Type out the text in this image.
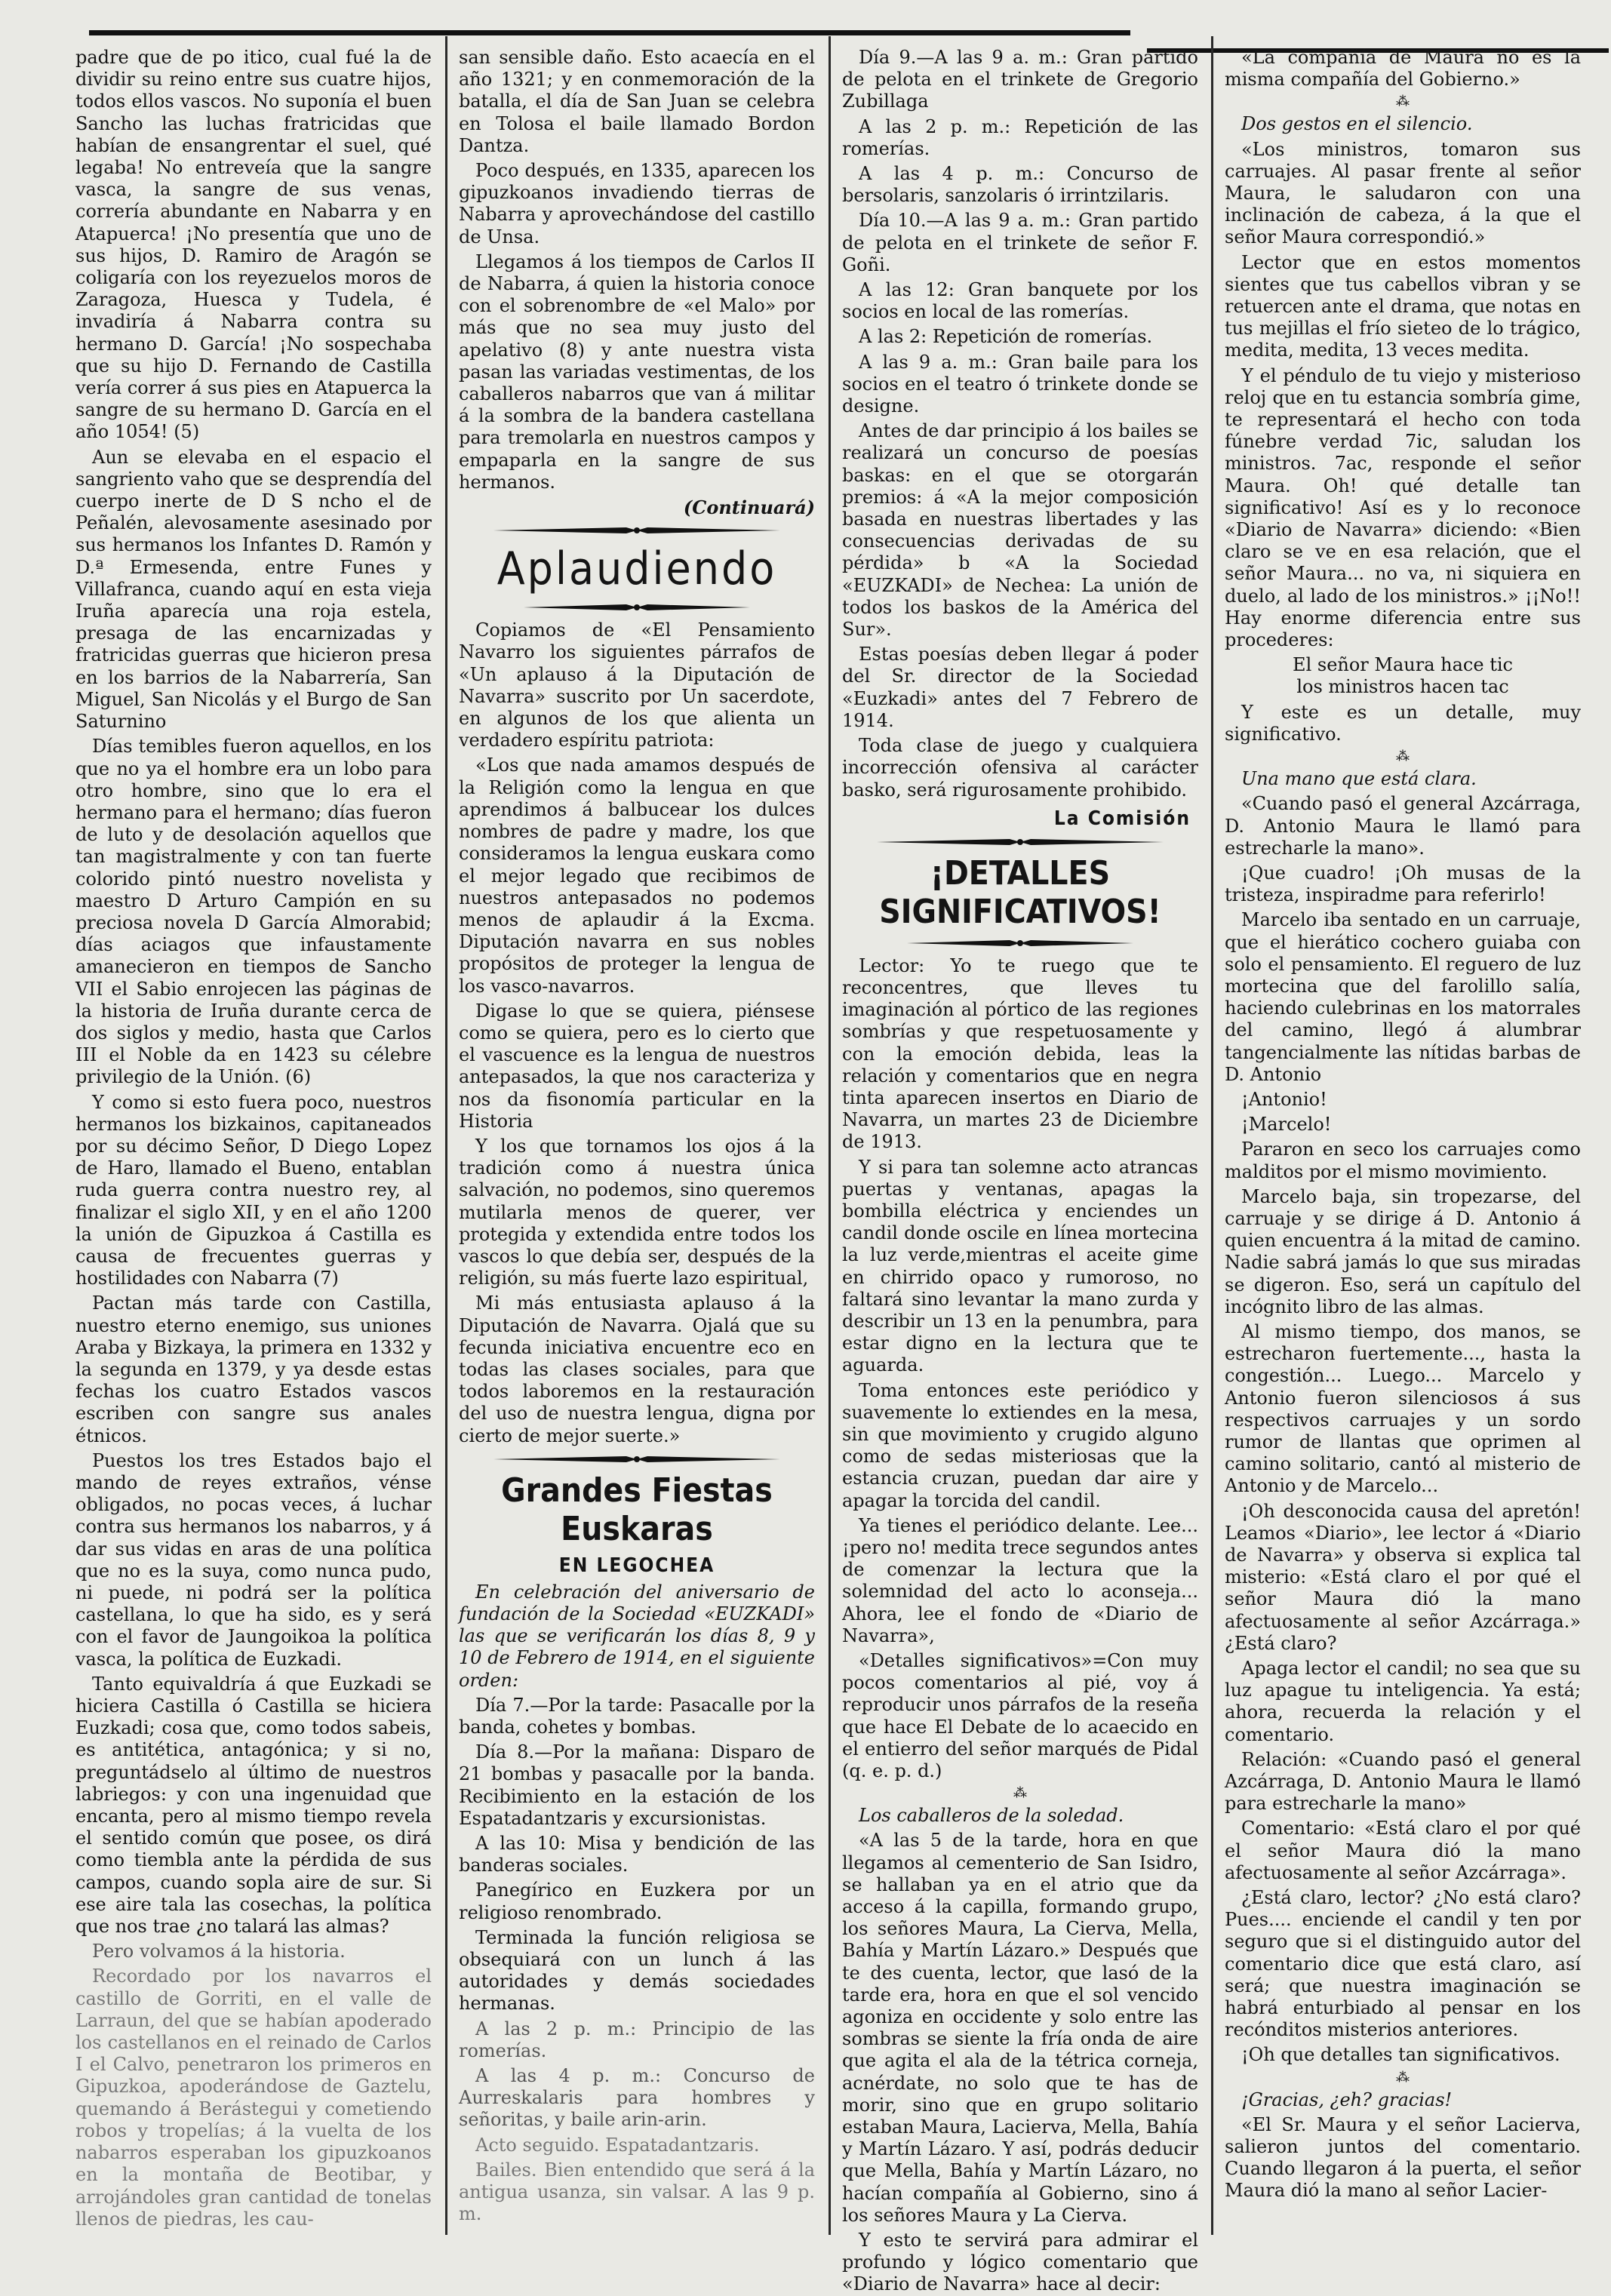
padre que de po itico, cual fué la de dividir su reino entre sus cuatre hijos, todos ellos vascos. No suponía el buen Sancho las luchas fratricidas que habían de ensangrentar el suel, qué legaba! No entreveía que la sangre vasca, la sangre de sus venas, correría abundante en Nabarra y en Atapuerca! ¡No presentía que uno de sus hijos, D. Ramiro de Aragón se coligaría con los reyezuelos moros de Zaragoza, Huesca y Tudela, é invadiría á Nabarra contra su hermano D. García! ¡No sospechaba que su hijo D. Fernando de Castilla vería correr á sus pies en Atapuerca la sangre de su hermano D. García en el año 1054! (5)

Aun se elevaba en el espacio el sangriento vaho que se desprendía del cuerpo inerte de D S ncho el de Peñalén, alevosamente asesinado por sus hermanos los Infantes D. Ramón y D.ª Ermesenda, entre Funes y Villafranca, cuando aquí en esta vieja Iruña aparecía una roja estela, presaga de las encarnizadas y fratricidas guerras que hicieron presa en los barrios de la Nabarrería, San Miguel, San Nicolás y el Burgo de San Saturnino

Días temibles fueron aquellos, en los que no ya el hombre era un lobo para otro hombre, sino que lo era el hermano para el hermano; días fueron de luto y de desolación aquellos que tan magistralmente y con tan fuerte colorido pintó nuestro novelista y maestro D Arturo Campión en su preciosa novela D García Almorabid; días aciagos que infaustamente amanecieron en tiempos de Sancho VII el Sabio enrojecen las páginas de la historia de Iruña durante cerca de dos siglos y medio, hasta que Carlos III el Noble da en 1423 su célebre privilegio de la Unión. (6)

Y como si esto fuera poco, nuestros hermanos los bizkainos, capitaneados por su décimo Señor, D Diego Lopez de Haro, llamado el Bueno, entablan ruda guerra contra nuestro rey, al finalizar el siglo XII, y en el año 1200 la unión de Gipuzkoa á Castilla es causa de frecuentes guerras y hostilidades con Nabarra (7)

Pactan más tarde con Castilla, nuestro eterno enemigo, sus uniones Araba y Bizkaya, la primera en 1332 y la segunda en 1379, y ya desde estas fechas los cuatro Estados vascos escriben con sangre sus anales étnicos.

Puestos los tres Estados bajo el mando de reyes extraños, vénse obligados, no pocas veces, á luchar contra sus hermanos los nabarros, y á dar sus vidas en aras de una política que no es la suya, como nunca pudo, ni puede, ni podrá ser la política castellana, lo que ha sido, es y será con el favor de Jaungoikoa la política vasca, la política de Euzkadi.

Tanto equivaldría á que Euzkadi se hiciera Castilla ó Castilla se hiciera Euzkadi; cosa que, como todos sabeis, es antitética, antagónica; y si no, preguntádselo al último de nuestros labriegos: y con una ingenuidad que encanta, pero al mismo tiempo revela el sentido común que posee, os dirá como tiembla ante la pérdida de sus campos, cuando sopla aire de sur. Si ese aire tala las cosechas, la política que nos trae ¿no talará las almas?

Pero volvamos á la historia.

Recordado por los navarros el castillo de Gorriti, en el valle de Larraun, del que se habían apoderado los castellanos en el reinado de Carlos I el Calvo, penetraron los primeros en Gipuzkoa, apoderándose de Gaztelu, quemando á Berástegui y cometiendo robos y tropelías; á la vuelta de los nabarros esperaban los gipuzkoanos en la montaña de Beotibar, y arrojándoles gran cantidad de tonelas llenos de piedras, les cau-

san sensible daño. Esto acaecía en el año 1321; y en conmemoración de la batalla, el día de San Juan se celebra en Tolosa el baile llamado Bordon Dantza.

Poco después, en 1335, aparecen los gipuzkoanos invadiendo tierras de Nabarra y aprovechándose del castillo de Unsa.

Llegamos á los tiempos de Carlos II de Nabarra, á quien la historia conoce con el sobrenombre de «el Malo» por más que no sea muy justo del apelativo (8) y ante nuestra vista pasan las variadas vestimentas, de los caballeros nabarros que van á militar á la sombra de la bandera castellana para tremolarla en nuestros campos y empaparla en la sangre de sus hermanos.

(Continuará)

Aplaudiendo

Copiamos de «El Pensamiento Navarro los siguientes párrafos de «Un aplauso á la Diputación de Navarra» suscrito por Un sacerdote, en algunos de los que alienta un verdadero espíritu patriota:

«Los que nada amamos después de la Religión como la lengua en que aprendimos á balbucear los dulces nombres de padre y madre, los que consideramos la lengua euskara como el mejor legado que recibimos de nuestros antepasados no podemos menos de aplaudir á la Excma. Diputación navarra en sus nobles propósitos de proteger la lengua de los vasco-navarros.

Digase lo que se quiera, piénsese como se quiera, pero es lo cierto que el vascuence es la lengua de nuestros antepasados, la que nos caracteriza y nos da fisonomía particular en la Historia

Y los que tornamos los ojos á la tradición como á nuestra única salvación, no podemos, sino queremos mutilarla menos de querer, ver protegida y extendida entre todos los vascos lo que debía ser, después de la religión, su más fuerte lazo espiritual,

Mi más entusiasta aplauso á la Diputación de Navarra. Ojalá que su fecunda iniciativa encuentre eco en todas las clases sociales, para que todos laboremos en la restauración del uso de nuestra lengua, digna por cierto de mejor suerte.»

Grandes Fiestas Euskaras
EN LEGOCHEA

En celebración del aniversario de fundación de la Sociedad «EUZKADI» las que se verificarán los días 8, 9 y 10 de Febrero de 1914, en el siguiente orden:

Día 7.—Por la tarde: Pasacalle por la banda, cohetes y bombas.

Día 8.—Por la mañana: Disparo de 21 bombas y pasacalle por la banda. Recibimiento en la estación de los Espatadantzaris y excursionistas.

A las 10: Misa y bendición de las banderas sociales.

Panegírico en Euzkera por un religioso renombrado.

Terminada la función religiosa se obsequiará con un lunch á las autoridades y demás sociedades hermanas.

A las 2 p. m.: Principio de las romerías.

A las 4 p. m.: Concurso de Aurreskalaris para hombres y señoritas, y baile arin-arin.

Acto seguido. Espatadantzaris.

Bailes. Bien entendido que será á la antigua usanza, sin valsar. A las 9 p. m.

Día 9.—A las 9 a. m.: Gran partido de pelota en el trinkete de Gregorio Zubillaga

A las 2 p. m.: Repetición de las romerías.

A las 4 p. m.: Concurso de bersolaris, sanzolaris ó irrintzilaris.

Día 10.—A las 9 a. m.: Gran partido de pelota en el trinkete de señor F. Goñi.

A las 12: Gran banquete por los socios en local de las romerías.

A las 2: Repetición de romerías.

A las 9 a. m.: Gran baile para los socios en el teatro ó trinkete donde se designe.

Antes de dar principio á los bailes se realizará un concurso de poesías baskas: en el que se otorgarán premios: á «A la mejor composición basada en nuestras libertades y las consecuencias derivadas de su pérdida» b «A la Sociedad «EUZKADI» de Nechea: La unión de todos los baskos de la América del Sur».

Estas poesías deben llegar á poder del Sr. director de la Sociedad «Euzkadi» antes del 7 Febrero de 1914.

Toda clase de juego y cualquiera incorrección ofensiva al carácter basko, será rigurosamente prohibido.

La Comisión
¡DETALLES SIGNIFICATIVOS!

Lector: Yo te ruego que te reconcentres, que lleves tu imaginación al pórtico de las regiones sombrías y que respetuosamente y con la emoción debida, leas la relación y comentarios que en negra tinta aparecen insertos en Diario de Navarra, un martes 23 de Diciembre de 1913.

Y si para tan solemne acto atrancas puertas y ventanas, apagas la bombilla eléctrica y enciendes un candil donde oscile en línea mortecina la luz verde,mientras el aceite gime en chirrido opaco y rumoroso, no faltará sino levantar la mano zurda y describir un 13 en la penumbra, para estar digno en la lectura que te aguarda.

Toma entonces este periódico y suavemente lo extiendes en la mesa, sin que movimiento y crugido alguno como de sedas misteriosas que la estancia cruzan, puedan dar aire y apagar la torcida del candil.

Ya tienes el periódico delante. Lee... ¡pero no! medita trece segundos antes de comenzar la lectura que la solemnidad del acto lo aconseja... Ahora, lee el fondo de «Diario de Navarra»,

«Detalles significativos»=Con muy pocos comentarios al pié, voy á reproducir unos párrafos de la reseña que hace El Debate de lo acaecido en el entierro del señor marqués de Pidal (q. e. p. d.)

⁂

Los caballeros de la soledad.

«A las 5 de la tarde, hora en que llegamos al cementerio de San Isidro, se hallaban ya en el atrio que da acceso á la capilla, formando grupo, los señores Maura, La Cierva, Mella, Bahía y Martín Lázaro.» Después que te des cuenta, lector, que lasó de la tarde era, hora en que el sol vencido agoniza en occidente y solo entre las sombras se siente la fría onda de aire que agita el ala de la tétrica corneja, acnérdate, no solo que te has de morir, sino que en grupo solitario estaban Maura, Lacierva, Mella, Bahía y Martín Lázaro. Y así, podrás deducir que Mella, Bahía y Martín Lázaro, no hacían compañía al Gobierno, sino á los señores Maura y La Cierva.

Y esto te servirá para admirar el profundo y lógico comentario que «Diario de Navarra» hace al decir:

«La compañía de Maura no es la misma compañía del Gobierno.»

⁂

Dos gestos en el silencio.

«Los ministros, tomaron sus carruajes. Al pasar frente al señor Maura, le saludaron con una inclinación de cabeza, á la que el señor Maura correspondió.»

Lector que en estos momentos sientes que tus cabellos vibran y se retuercen ante el drama, que notas en tus mejillas el frío sieteo de lo trágico, medita, medita, 13 veces medita.

Y el péndulo de tu viejo y misterioso reloj que en tu estancia sombría gime, te representará el hecho con toda fúnebre verdad 7ic, saludan los ministros. 7ac, responde el señor Maura. Oh! qué detalle tan significativo! Así es y lo reconoce «Diario de Navarra» diciendo: «Bien claro se ve en esa relación, que el señor Maura... no va, ni siquiera en duelo, al lado de los ministros.» ¡¡No!! Hay enorme diferencia entre sus procederes:

El señor Maura hace tic
los ministros hacen tac

Y este es un detalle, muy significativo.

⁂

Una mano que está clara.

«Cuando pasó el general Azcárraga, D. Antonio Maura le llamó para estrecharle la mano».

¡Que cuadro! ¡Oh musas de la tristeza, inspiradme para referirlo!

Marcelo iba sentado en un carruaje, que el hierático cochero guiaba con solo el pensamiento. El reguero de luz mortecina que del farolillo salía, haciendo culebrinas en los matorrales del camino, llegó á alumbrar tangencialmente las nítidas barbas de D. Antonio

¡Antonio!

¡Marcelo!

Pararon en seco los carruajes como malditos por el mismo movimiento.

Marcelo baja, sin tropezarse, del carruaje y se dirige á D. Antonio á quien encuentra á la mitad de camino. Nadie sabrá jamás lo que sus miradas se digeron. Eso, será un capítulo del incógnito libro de las almas.

Al mismo tiempo, dos manos, se estrecharon fuertemente..., hasta la congestión... Luego... Marcelo y Antonio fueron silenciosos á sus respectivos carruajes y un sordo rumor de llantas que oprimen al camino solitario, cantó al misterio de Antonio y de Marcelo...

¡Oh desconocida causa del apretón! Leamos «Diario», lee lector á «Diario de Navarra» y observa si explica tal misterio: «Está claro el por qué el señor Maura dió la mano afectuosamente al señor Azcárraga.» ¿Está claro?

Apaga lector el candil; no sea que su luz apague tu inteligencia. Ya está; ahora, recuerda la relación y el comentario.

Relación: «Cuando pasó el general Azcárraga, D. Antonio Maura le llamó para estrecharle la mano»

Comentario: «Está claro el por qué el señor Maura dió la mano afectuosamente al señor Azcárraga».

¿Está claro, lector? ¿No está claro? Pues.... enciende el candil y ten por seguro que si el distinguido autor del comentario dice que está claro, así será; que nuestra imaginación se habrá enturbiado al pensar en los recónditos misterios anteriores.

¡Oh que detalles tan significativos.

⁂

¡Gracias, ¿eh? gracias!

«El Sr. Maura y el señor Lacierva, salieron juntos del comentario. Cuando llegaron á la puerta, el señor Maura dió la mano al señor Lacier-
